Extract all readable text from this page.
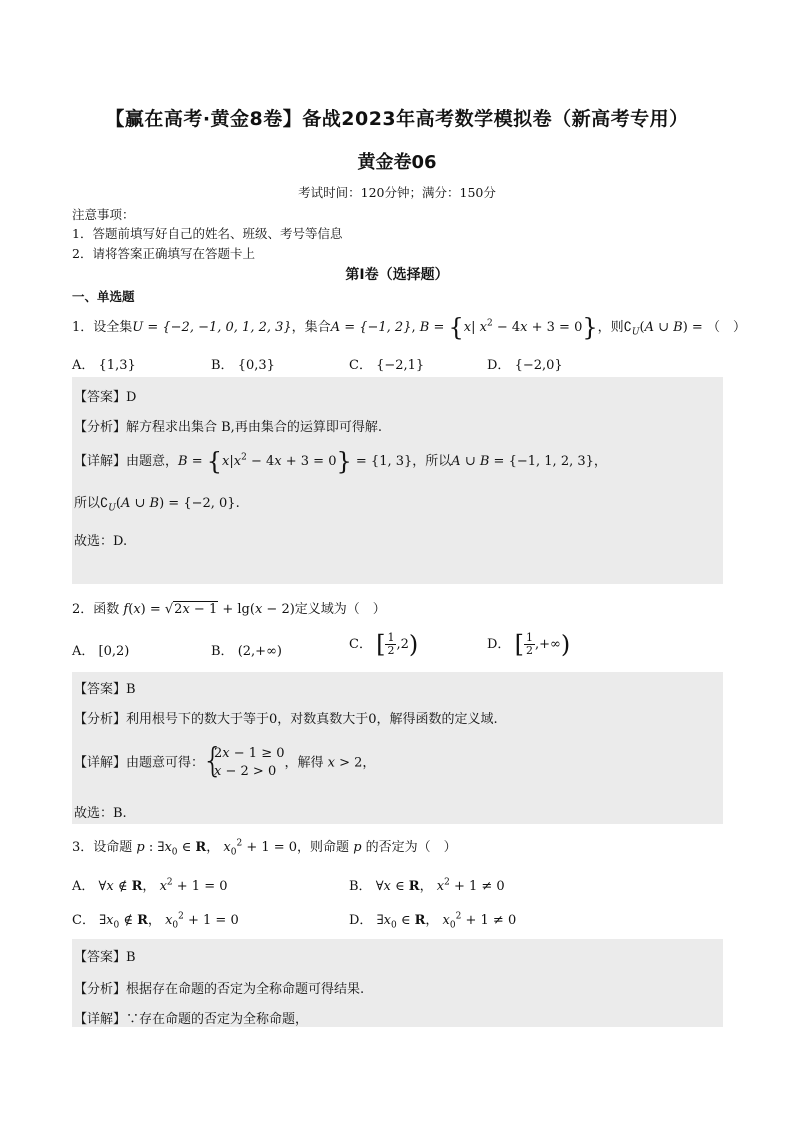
【赢在高考·黄金8卷】备战2023年高考数学模拟卷（新高考专用）
黄金卷06
考试时间：120分钟；满分：150分
注意事项：
1．答题前填写好自己的姓名、班级、考号等信息
2．请将答案正确填写在答题卡上
第I卷（选择题）
一、单选题
1．设全集U = {−2, −1, 0, 1, 2, 3}，集合A = {−1, 2}, B = {x| $x^2 - 4x + 3 = 0$}，则$∁_U(A$ ∪ B) = （　）
A． {1,3}	B． {0,3}	C． {−2,1}	D． {−2,0}
【答案】D
【分析】解方程求出集合 B,再由集合的运算即可得解.
【详解】由题意，$B = \{x|x^2 - 4x + 3 = 0\} = \{1$, 3}，所以A ∪ B = {−1, 1, 2, 3}，
所以$∁_U(A$ ∪ B) = {−2, 0}.
故选：D.
2．函数 f(x) = √2x − 1 + lg(x − 2)定义域为（　）
A． [0,2)	B． (2,+∞)	C． [ $\frac{1}{2} ,2$)	D． [ $\frac{1}{2}$ ,+∞)
【答案】B
【分析】利用根号下的数大于等于0，对数真数大于0，解得函数的定义域.
【详解】由题意可得：
{ 2x − 1 ≥ 0
x − 2 > 0
，解得 x > 2，
故选：B.
3．设命题 p : $\exists x_0$ ∈ R， $x_0^2 + 1 = 0$，则命题 p 的否定为（　）
A． ∀x ∉ R， $x^2 + 1 = 0$	B． ∀x ∈ R， $x^2 + 1 \ne 0$
C． $\exists x_0$ ∉ R， $x_0^2 + 1 = 0$	D． $\exists x_0$ ∈ R， $x_0^2 + 1 \ne 0$
【答案】B
【分析】根据存在命题的否定为全称命题可得结果.
【详解】∵存在命题的否定为全称命题，
